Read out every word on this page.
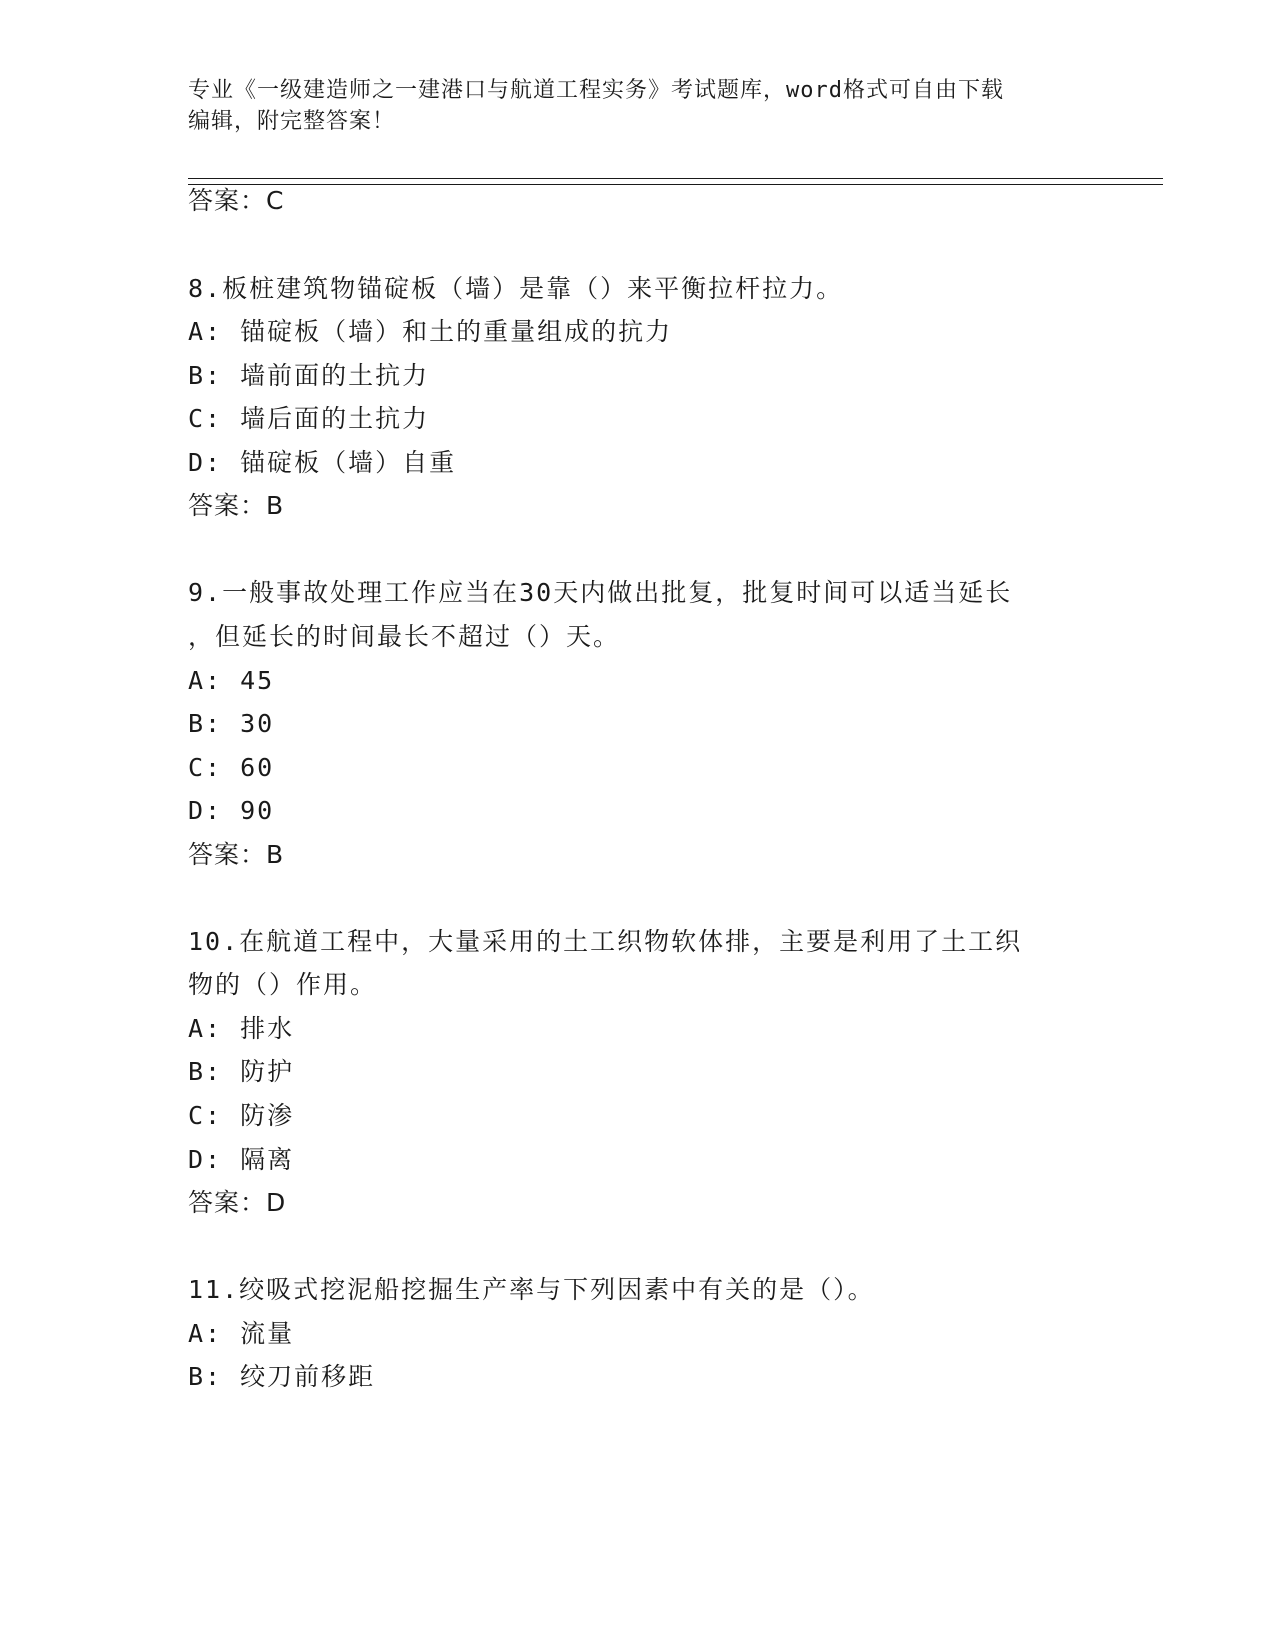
专业《一级建造师之一建港口与航道工程实务》考试题库，word格式可自由下载
编辑，附完整答案！
答案：C
8.板桩建筑物锚碇板（墙）是靠（）来平衡拉杆拉力。
A: 锚碇板（墙）和土的重量组成的抗力
B: 墙前面的土抗力
C: 墙后面的土抗力
D: 锚碇板（墙）自重
答案：B
9.一般事故处理工作应当在30天内做出批复，批复时间可以适当延长
，但延长的时间最长不超过（）天。
A: 45
B: 30
C: 60
D: 90
答案：B
10.在航道工程中，大量采用的土工织物软体排，主要是利用了土工织
物的（）作用。
A: 排水
B: 防护
C: 防渗
D: 隔离
答案：D
11.绞吸式挖泥船挖掘生产率与下列因素中有关的是（）。
A: 流量
B: 绞刀前移距
